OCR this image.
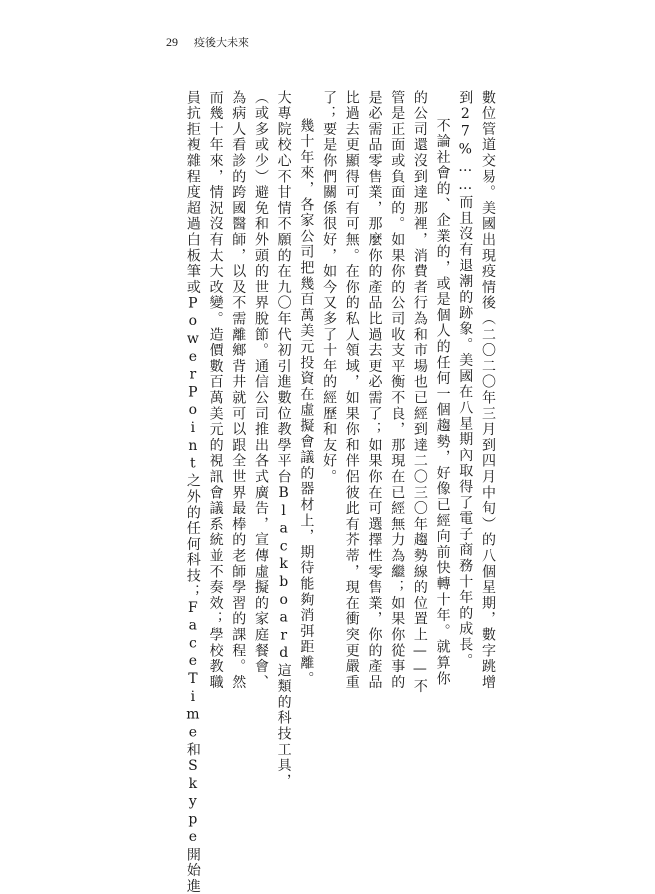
29 疫後大未來

數位管道交易。美國出現疫情後（二〇二〇年三月到四月中旬）的八個星期，數字跳增

到27%……而且沒有退潮的跡象。美國在八星期內取得了電子商務十年的成長。

不論社會的、企業的，或是個人的任何一個趨勢，好像已經向前快轉十年。就算你

的公司還沒到達那裡，消費者行為和市場也已經到達二〇三〇年趨勢線的位置上——不

管是正面或負面的。如果你的公司收支平衡不良，那現在已經無力為繼；如果你從事的

是必需品零售業，那麼你的產品比過去更必需了；如果你在可選擇性零售業，你的產品

比過去更顯得可有可無。在你的私人領域，如果你和伴侶彼此有芥蒂，現在衝突更嚴重

了；要是你們關係很好，如今又多了十年的經歷和友好。

幾十年來，各家公司把幾百萬美元投資在虛擬會議的器材上，期待能夠消弭距離。

大專院校心不甘情不願的在九〇年代初引進數位教學平台Blackboard這類的科技工具，

（或多或少）避免和外頭的世界脫節。通信公司推出各式廣告，宣傳虛擬的家庭餐會、

為病人看診的跨國醫師，以及不需離鄉背井就可以跟全世界最棒的老師學習的課程。然

而幾十年來，情況沒有太大改變。造價數百萬美元的視訊會議系統並不奏效；學校教職

員抗拒複雜程度超過白板筆或PowerPoint之外的任何科技；FaceTime和Skype開始進
